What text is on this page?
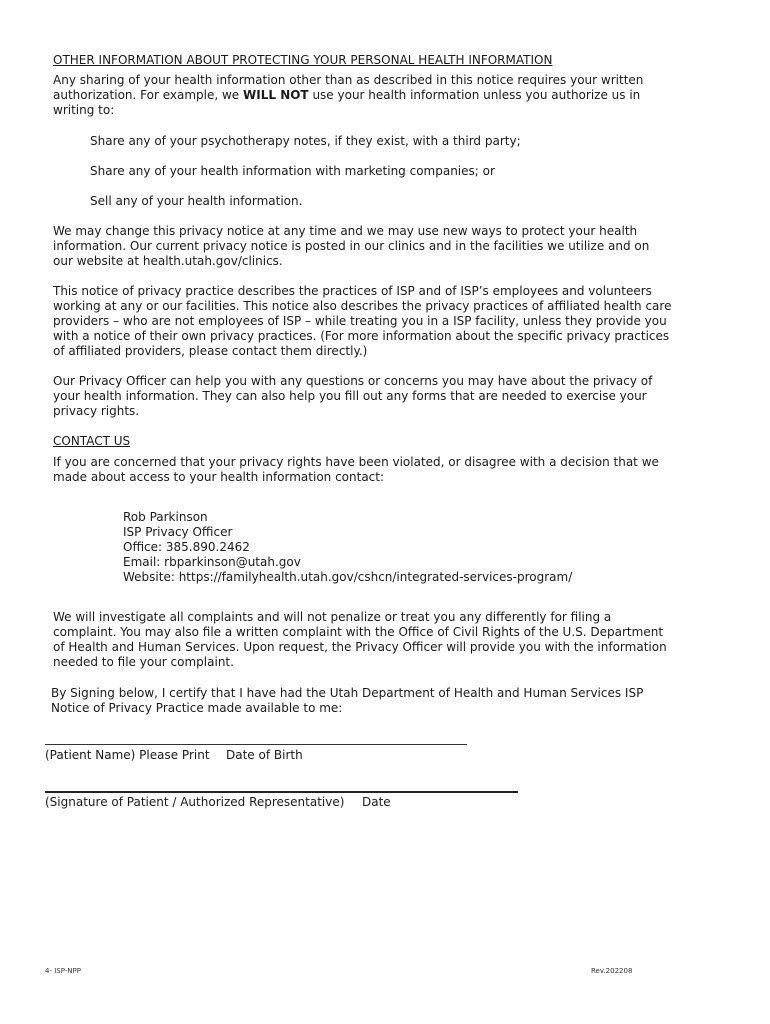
OTHER INFORMATION ABOUT PROTECTING YOUR PERSONAL HEALTH INFORMATION

Any sharing of your health information other than as described in this notice requires your written authorization. For example, we WILL NOT use your health information unless you authorize us in writing to:

Share any of your psychotherapy notes, if they exist, with a third party;

Share any of your health information with marketing companies; or

Sell any of your health information.

We may change this privacy notice at any time and we may use new ways to protect your health information. Our current privacy notice is posted in our clinics and in the facilities we utilize and on our website at health.utah.gov/clinics.

This notice of privacy practice describes the practices of ISP and of ISP’s employees and volunteers working at any or our facilities. This notice also describes the privacy practices of affiliated health care providers – who are not employees of ISP – while treating you in a ISP facility, unless they provide you with a notice of their own privacy practices. (For more information about the specific privacy practices of affiliated providers, please contact them directly.)

Our Privacy Officer can help you with any questions or concerns you may have about the privacy of your health information. They can also help you fill out any forms that are needed to exercise your privacy rights.

CONTACT US

If you are concerned that your privacy rights have been violated, or disagree with a decision that we made about access to your health information contact:

Rob Parkinson
ISP Privacy Officer
Office: 385.890.2462
Email: rbparkinson@utah.gov
Website: https://familyhealth.utah.gov/cshcn/integrated-services-program/

We will investigate all complaints and will not penalize or treat you any differently for filing a complaint. You may also file a written complaint with the Office of Civil Rights of the U.S. Department of Health and Human Services. Upon request, the Privacy Officer will provide you with the information needed to file your complaint.

By Signing below, I certify that I have had the Utah Department of Health and Human Services ISP Notice of Privacy Practice made available to me:

(Patient Name) Please Print Date of Birth
(Signature of Patient / Authorized Representative) Date
4- ISP-NPP	Rev.202208
